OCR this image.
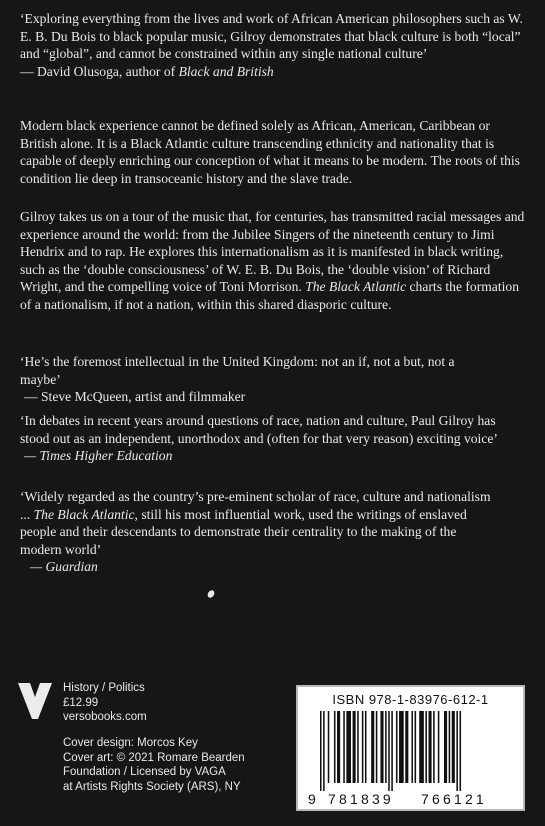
‘Exploring everything from the lives and work of African American philosophers such as W. E. B. Du Bois to black popular music, Gilroy demonstrates that black culture is both “local” and “global”, and cannot be constrained within any single national culture’
— David Olusoga, author of Black and British
Modern black experience cannot be defined solely as African, American, Caribbean or British alone. It is a Black Atlantic culture transcending ethnicity and nationality that is capable of deeply enriching our conception of what it means to be modern. The roots of this condition lie deep in transoceanic history and the slave trade.
Gilroy takes us on a tour of the music that, for centuries, has transmitted racial messages and experience around the world: from the Jubilee Singers of the nineteenth century to Jimi Hendrix and to rap. He explores this internationalism as it is manifested in black writing, such as the ‘double consciousness’ of W. E. B. Du Bois, the ‘double vision’ of Richard Wright, and the compelling voice of Toni Morrison. The Black Atlantic charts the formation of a nationalism, if not a nation, within this shared diasporic culture.
‘He’s the foremost intellectual in the United Kingdom: not an if, not a but, not a maybe’
— Steve McQueen, artist and filmmaker
‘In debates in recent years around questions of race, nation and culture, Paul Gilroy has stood out as an independent, unorthodox and (often for that very reason) exciting voice’
— Times Higher Education
‘Widely regarded as the country’s pre-eminent scholar of race, culture and nationalism ... The Black Atlantic, still his most influential work, used the writings of enslaved people and their descendants to demonstrate their centrality to the making of the modern world’
— Guardian
History / Politics
£12.99
versobooks.com
Cover design: Morcos Key
Cover art: © 2021 Romare Bearden
Foundation / Licensed by VAGA
at Artists Rights Society (ARS), NY
ISBN 978-1-83976-612-1
9 781839 766121
